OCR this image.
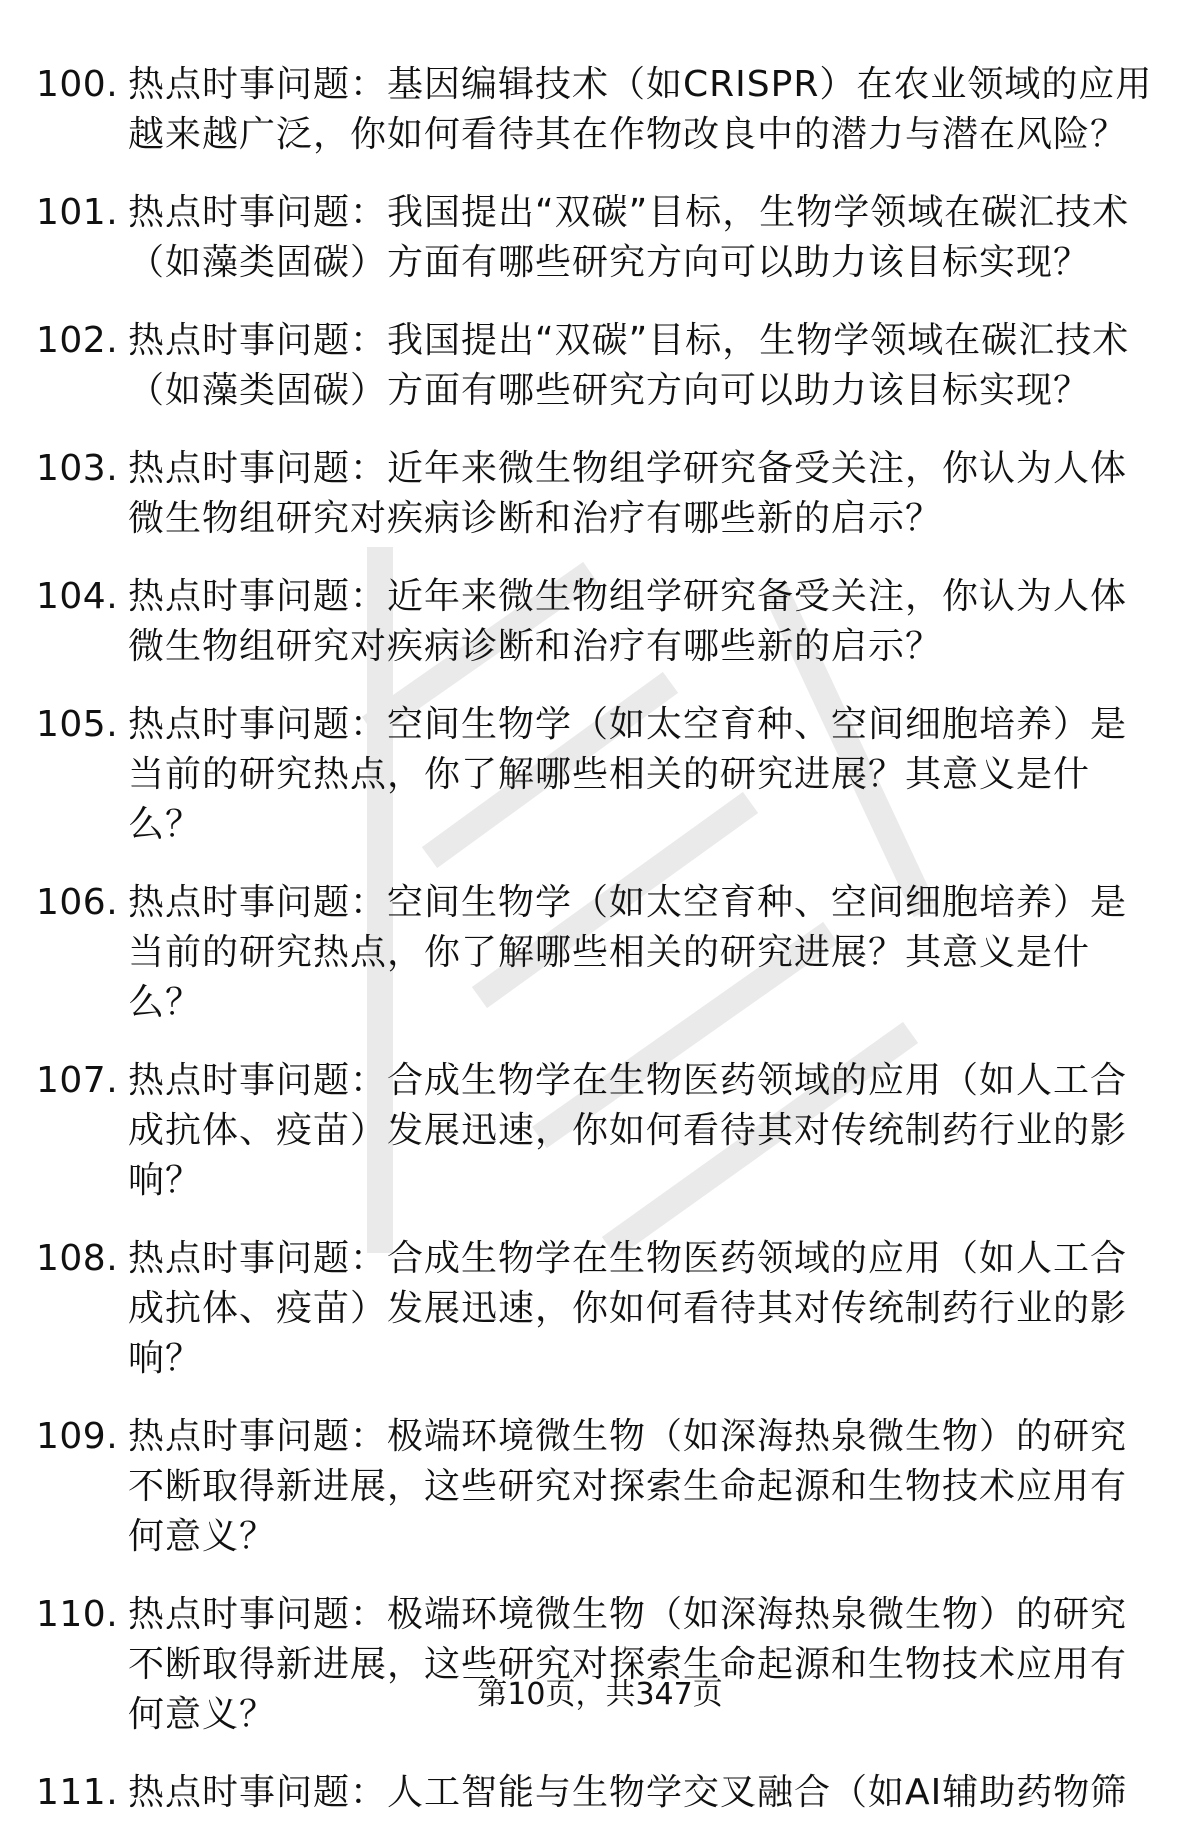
100. 热点时事问题：基因编辑技术（如CRISPR）在农业领域的应用越来越广泛，你如何看待其在作物改良中的潜力与潜在风险？
101. 热点时事问题：我国提出“双碳”目标，生物学领域在碳汇技术（如藻类固碳）方面有哪些研究方向可以助力该目标实现？
102. 热点时事问题：我国提出“双碳”目标，生物学领域在碳汇技术（如藻类固碳）方面有哪些研究方向可以助力该目标实现？
103. 热点时事问题：近年来微生物组学研究备受关注，你认为人体微生物组研究对疾病诊断和治疗有哪些新的启示？
104. 热点时事问题：近年来微生物组学研究备受关注，你认为人体微生物组研究对疾病诊断和治疗有哪些新的启示？
105. 热点时事问题：空间生物学（如太空育种、空间细胞培养）是当前的研究热点，你了解哪些相关的研究进展？其意义是什么？
106. 热点时事问题：空间生物学（如太空育种、空间细胞培养）是当前的研究热点，你了解哪些相关的研究进展？其意义是什么？
107. 热点时事问题：合成生物学在生物医药领域的应用（如人工合成抗体、疫苗）发展迅速，你如何看待其对传统制药行业的影响？
108. 热点时事问题：合成生物学在生物医药领域的应用（如人工合成抗体、疫苗）发展迅速，你如何看待其对传统制药行业的影响？
109. 热点时事问题：极端环境微生物（如深海热泉微生物）的研究不断取得新进展，这些研究对探索生命起源和生物技术应用有何意义？
110. 热点时事问题：极端环境微生物（如深海热泉微生物）的研究不断取得新进展，这些研究对探索生命起源和生物技术应用有何意义？
111. 热点时事问题：人工智能与生物学交叉融合（如AI辅助药物筛
第10页，共347页
